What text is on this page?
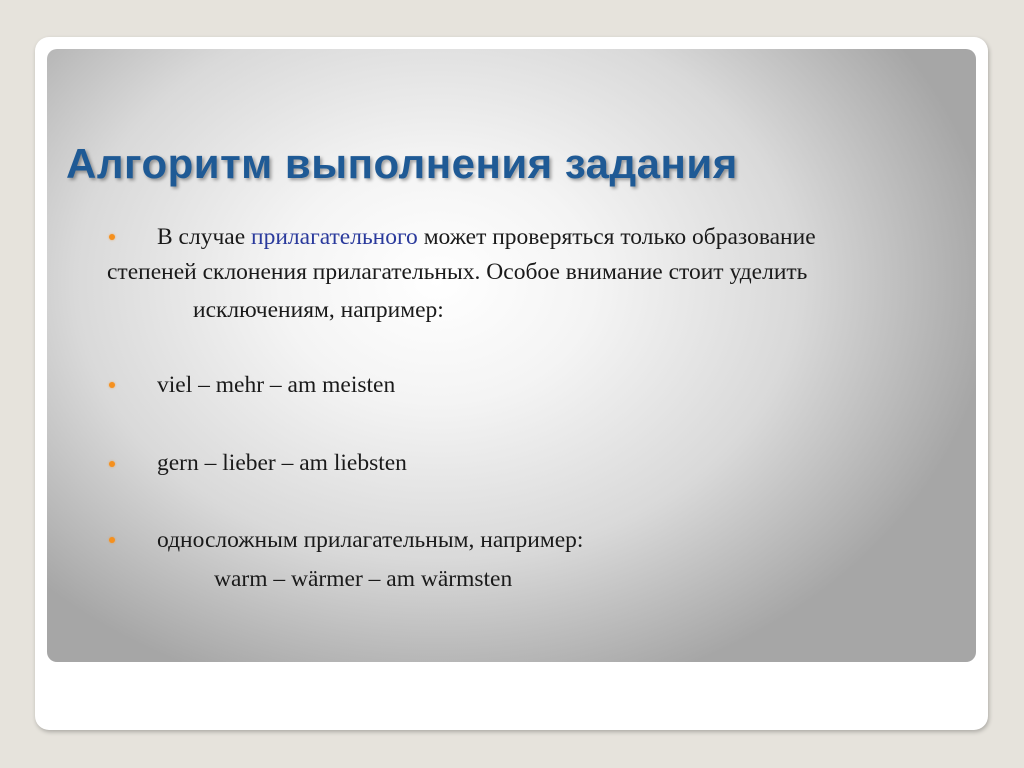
Алгоритм выполнения задания
В случае прилагательного может проверяться только образование
степеней склонения прилагательных. Особое внимание стоит уделить
исключениям, например:
viel – mehr – am meisten
gern – lieber – am liebsten
односложным прилагательным, например:
warm – wärmer – am wärmsten
